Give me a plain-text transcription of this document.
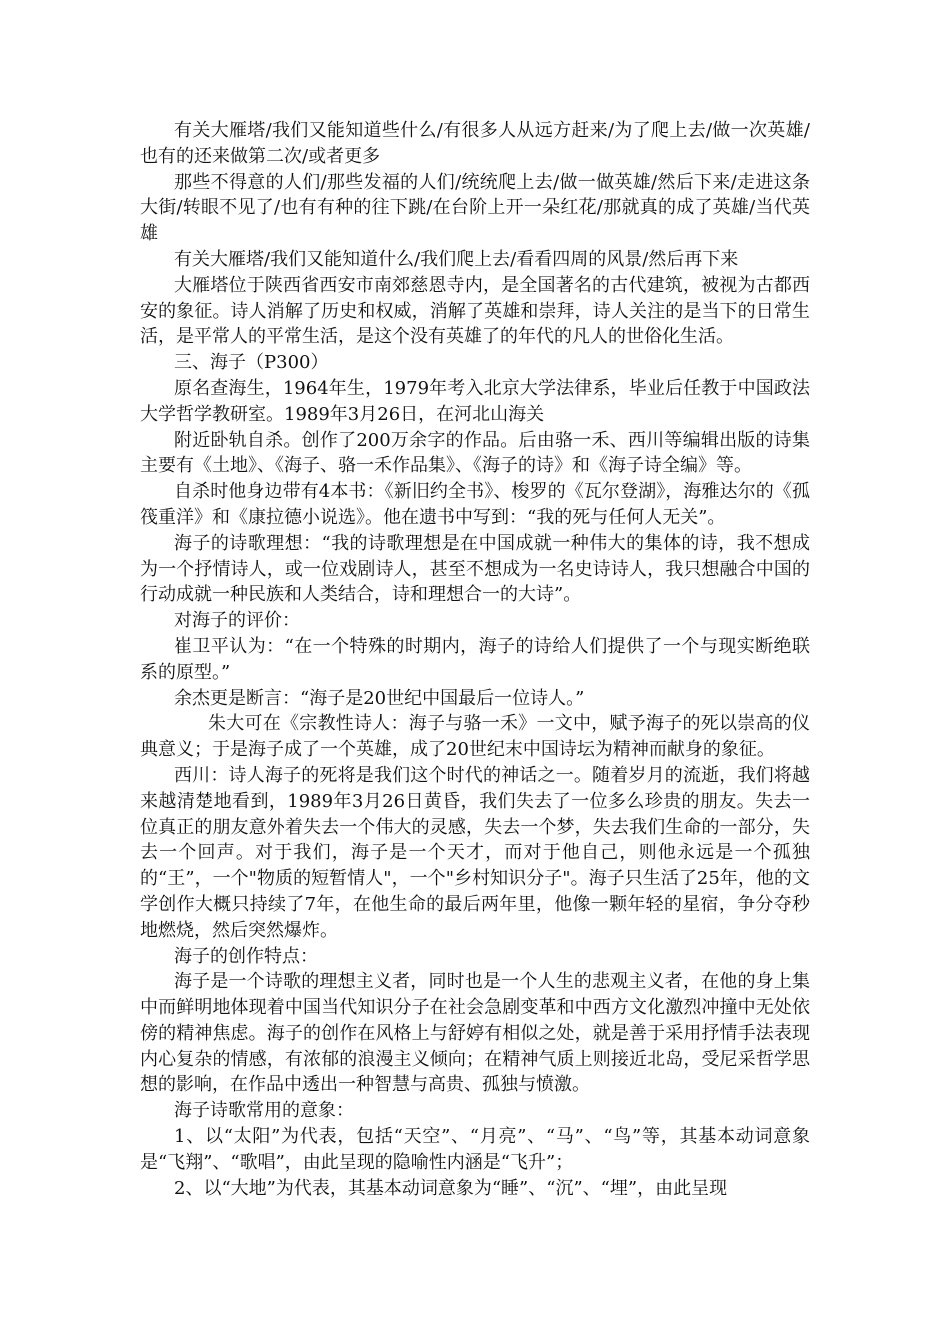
有关大雁塔/我们又能知道些什么/有很多人从远方赶来/为了爬上去/做一次英雄/也有的还来做第二次/或者更多

那些不得意的人们/那些发福的人们/统统爬上去/做一做英雄/然后下来/走进这条大街/转眼不见了/也有有种的往下跳/在台阶上开一朵红花/那就真的成了英雄/当代英雄

有关大雁塔/我们又能知道什么/我们爬上去/看看四周的风景/然后再下来

大雁塔位于陕西省西安市南郊慈恩寺内，是全国著名的古代建筑，被视为古都西安的象征。诗人消解了历史和权威，消解了英雄和崇拜，诗人关注的是当下的日常生活，是平常人的平常生活，是这个没有英雄了的年代的凡人的世俗化生活。

三、海子（P300）

原名查海生，1964年生，1979年考入北京大学法律系，毕业后任教于中国政法大学哲学教研室。1989年3月26日，在河北山海关

附近卧轨自杀。创作了200万余字的作品。后由骆一禾、西川等编辑出版的诗集主要有《土地》、《海子、骆一禾作品集》、《海子的诗》和《海子诗全编》等。

自杀时他身边带有4本书：《新旧约全书》、梭罗的《瓦尔登湖》，海雅达尔的《孤筏重洋》和《康拉德小说选》。他在遗书中写到：“我的死与任何人无关”。

海子的诗歌理想：“我的诗歌理想是在中国成就一种伟大的集体的诗，我不想成为一个抒情诗人，或一位戏剧诗人，甚至不想成为一名史诗诗人，我只想融合中国的行动成就一种民族和人类结合，诗和理想合一的大诗”。

对海子的评价：

崔卫平认为：“在一个特殊的时期内，海子的诗给人们提供了一个与现实断绝联系的原型。”

余杰更是断言：“海子是20世纪中国最后一位诗人。”

朱大可在《宗教性诗人：海子与骆一禾》一文中，赋予海子的死以崇高的仪典意义；于是海子成了一个英雄，成了20世纪末中国诗坛为精神而献身的象征。

西川：诗人海子的死将是我们这个时代的神话之一。随着岁月的流逝，我们将越来越清楚地看到，1989年3月26日黄昏，我们失去了一位多么珍贵的朋友。失去一位真正的朋友意外着失去一个伟大的灵感，失去一个梦，失去我们生命的一部分，失去一个回声。对于我们，海子是一个天才，而对于他自己，则他永远是一个孤独的“王”，一个"物质的短暂情人"，一个"乡村知识分子"。海子只生活了25年，他的文学创作大概只持续了7年，在他生命的最后两年里，他像一颗年轻的星宿，争分夺秒地燃烧，然后突然爆炸。

海子的创作特点：

海子是一个诗歌的理想主义者，同时也是一个人生的悲观主义者，在他的身上集中而鲜明地体现着中国当代知识分子在社会急剧变革和中西方文化激烈冲撞中无处依傍的精神焦虑。海子的创作在风格上与舒婷有相似之处，就是善于采用抒情手法表现内心复杂的情感，有浓郁的浪漫主义倾向；在精神气质上则接近北岛，受尼采哲学思想的影响，在作品中透出一种智慧与高贵、孤独与愤激。

海子诗歌常用的意象：

1、以“太阳”为代表，包括“天空”、“月亮”、“马”、“鸟”等，其基本动词意象是“飞翔”、“歌唱”，由此呈现的隐喻性内涵是“飞升”；

2、以“大地”为代表，其基本动词意象为“睡”、“沉”、“埋”，由此呈现
